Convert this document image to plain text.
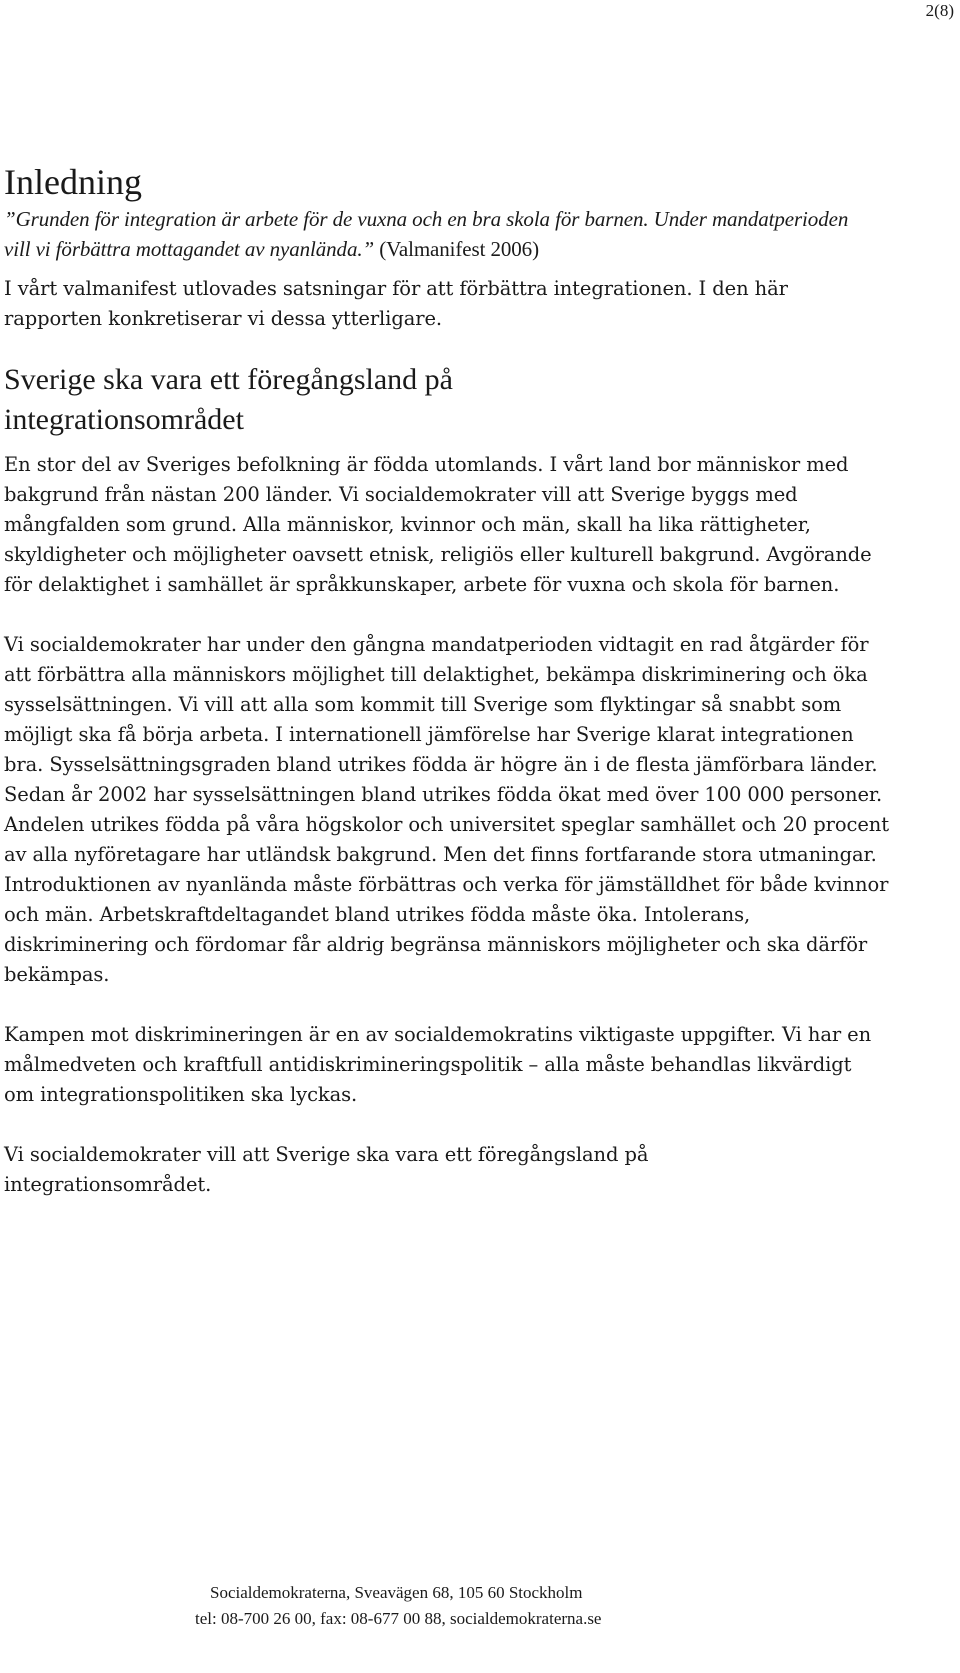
2(8)
Inledning

”Grunden för integration är arbete för de vuxna och en bra skola för barnen. Under mandatperioden vill vi förbättra mottagandet av nyanlända.” (Valmanifest 2006)

I vårt valmanifest utlovades satsningar för att förbättra integrationen. I den här rapporten konkretiserar vi dessa ytterligare.

Sverige ska vara ett föregångsland på integrationsområdet

En stor del av Sveriges befolkning är födda utomlands. I vårt land bor människor med bakgrund från nästan 200 länder. Vi socialdemokrater vill att Sverige byggs med mångfalden som grund. Alla människor, kvinnor och män, skall ha lika rättigheter, skyldigheter och möjligheter oavsett etnisk, religiös eller kulturell bakgrund. Avgörande för delaktighet i samhället är språkkunskaper, arbete för vuxna och skola för barnen.

Vi socialdemokrater har under den gångna mandatperioden vidtagit en rad åtgärder för att förbättra alla människors möjlighet till delaktighet, bekämpa diskriminering och öka sysselsättningen. Vi vill att alla som kommit till Sverige som flyktingar så snabbt som möjligt ska få börja arbeta. I internationell jämförelse har Sverige klarat integrationen bra. Sysselsättningsgraden bland utrikes födda är högre än i de flesta jämförbara länder. Sedan år 2002 har sysselsättningen bland utrikes födda ökat med över 100 000 personer. Andelen utrikes födda på våra högskolor och universitet speglar samhället och 20 procent av alla nyföretagare har utländsk bakgrund. Men det finns fortfarande stora utmaningar. Introduktionen av nyanlända måste förbättras och verka för jämställdhet för både kvinnor och män. Arbetskraftdeltagandet bland utrikes födda måste öka. Intolerans, diskriminering och fördomar får aldrig begränsa människors möjligheter och ska därför bekämpas.

Kampen mot diskrimineringen är en av socialdemokratins viktigaste uppgifter. Vi har en målmedveten och kraftfull antidiskrimineringspolitik – alla måste behandlas likvärdigt om integrationspolitiken ska lyckas.

Vi socialdemokrater vill att Sverige ska vara ett föregångsland på integrationsområdet.

Socialdemokraterna, Sveavägen 68, 105 60 Stockholm
tel: 08-700 26 00, fax: 08-677 00 88, socialdemokraterna.se
